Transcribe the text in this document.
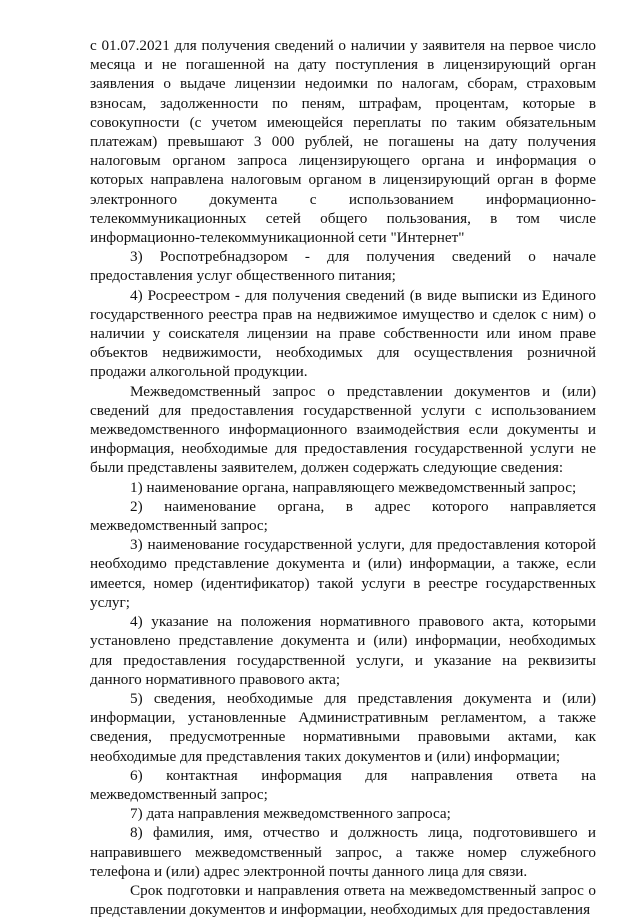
с 01.07.2021 для получения сведений о наличии у заявителя на первое число месяца и не погашенной на дату поступления в лицензирующий орган заявления о выдаче лицензии недоимки по налогам, сборам, страховым взносам, задолженности по пеням, штрафам, процентам, которые в совокупности (с учетом имеющейся переплаты по таким обязательным платежам) превышают 3 000 рублей, не погашены на дату получения налоговым органом запроса лицензирующего органа и информация о которых направлена налоговым органом в лицензирующий орган в форме электронного документа с использованием информационно-телекоммуникационных сетей общего пользования, в том числе информационно-телекоммуникационной сети "Интернет"

3) Роспотребнадзором - для получения сведений о начале предоставления услуг общественного питания;

4) Росреестром - для получения сведений (в виде выписки из Единого государственного реестра прав на недвижимое имущество и сделок с ним) о наличии у соискателя лицензии на праве собственности или ином праве объектов недвижимости, необходимых для осуществления розничной продажи алкогольной продукции.

Межведомственный запрос о представлении документов и (или) сведений для предоставления государственной услуги с использованием межведомственного информационного взаимодействия если документы и информация, необходимые для предоставления государственной услуги не были представлены заявителем, должен содержать следующие сведения:

1) наименование органа, направляющего межведомственный запрос;

2) наименование органа, в адрес которого направляется межведомственный запрос;

3) наименование государственной услуги, для предоставления которой необходимо представление документа и (или) информации, а также, если имеется, номер (идентификатор) такой услуги в реестре государственных услуг;

4) указание на положения нормативного правового акта, которыми установлено представление документа и (или) информации, необходимых для предоставления государственной услуги, и указание на реквизиты данного нормативного правового акта;

5) сведения, необходимые для представления документа и (или) информации, установленные Административным регламентом, а также сведения, предусмотренные нормативными правовыми актами, как необходимые для представления таких документов и (или) информации;

6) контактная информация для направления ответа на межведомственный запрос;

7) дата направления межведомственного запроса;

8) фамилия, имя, отчество и должность лица, подготовившего и направившего межведомственный запрос, а также номер служебного телефона и (или) адрес электронной почты данного лица для связи.

Срок подготовки и направления ответа на межведомственный запрос о представлении документов и информации, необходимых для предоставления
